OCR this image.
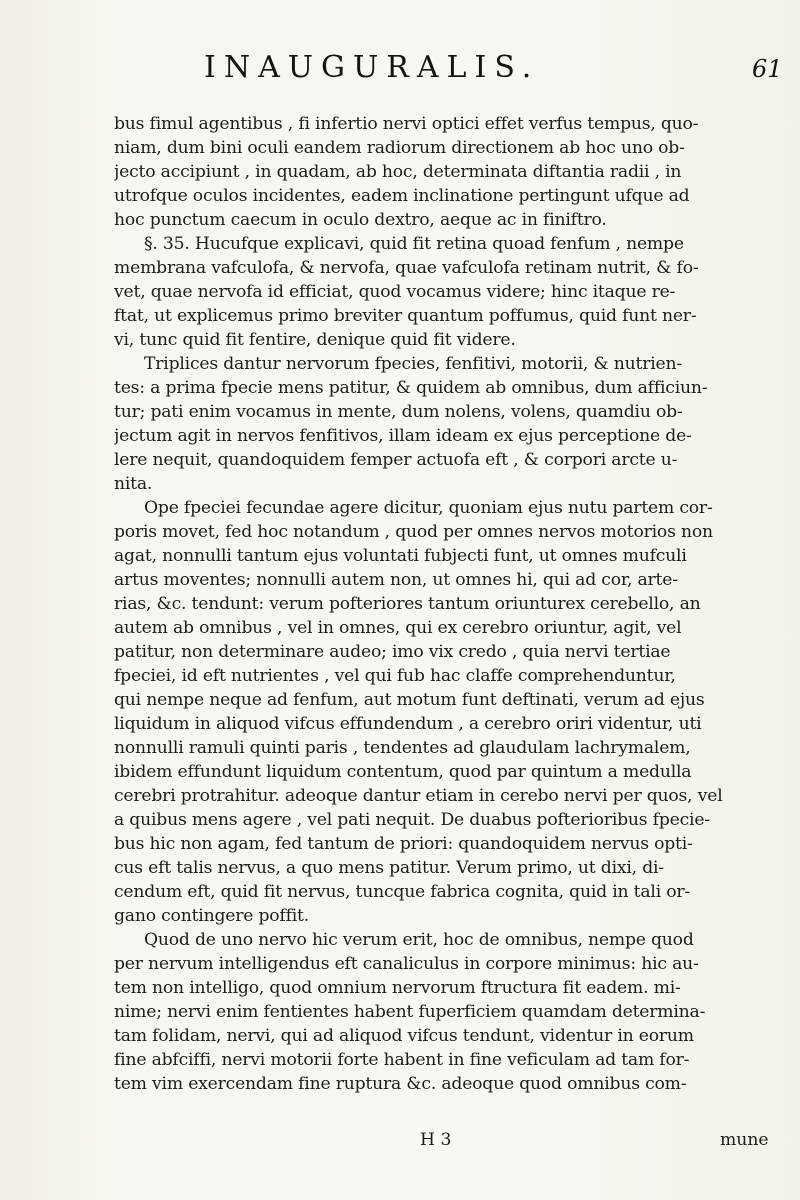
INAUGURALIS.	61
bus fimul agentibus , fi infertio nervi optici effet verfus tempus, quo-
niam, dum bini oculi eandem radiorum directionem ab hoc uno ob-
jecto accipiunt , in quadam, ab hoc, determinata diftantia radii , in
utrofque oculos incidentes, eadem inclinatione pertingunt ufque ad
hoc punctum caecum in oculo dextro, aeque ac in finiftro.
§. 35. Hucufque explicavi, quid fit retina quoad fenfum , nempe
membrana vafculofa, & nervofa, quae vafculofa retinam nutrit, & fo-
vet, quae nervofa id efficiat, quod vocamus videre; hinc itaque re-
ftat, ut explicemus primo breviter quantum poffumus, quid funt ner-
vi, tunc quid fit fentire, denique quid fit videre.
Triplices dantur nervorum fpecies, fenfitivi, motorii, & nutrien-
tes: a prima fpecie mens patitur, & quidem ab omnibus, dum afficiun-
tur; pati enim vocamus in mente, dum nolens, volens, quamdiu ob-
jectum agit in nervos fenfitivos, illam ideam ex ejus perceptione de-
lere nequit, quandoquidem femper actuofa eft , & corpori arcte u-
nita.
Ope fpeciei fecundae agere dicitur, quoniam ejus nutu partem cor-
poris movet, fed hoc notandum , quod per omnes nervos motorios non
agat, nonnulli tantum ejus voluntati fubjecti funt, ut omnes mufculi
artus moventes; nonnulli autem non, ut omnes hi, qui ad cor, arte-
rias, &c. tendunt: verum pofteriores tantum oriunturex cerebello, an
autem ab omnibus , vel in omnes, qui ex cerebro oriuntur, agit, vel
patitur, non determinare audeo; imo vix credo , quia nervi tertiae
fpeciei, id eft nutrientes , vel qui fub hac claffe comprehenduntur,
qui nempe neque ad fenfum, aut motum funt deftinati, verum ad ejus
liquidum in aliquod vifcus effundendum , a cerebro oriri videntur, uti
nonnulli ramuli quinti paris , tendentes ad glaudulam lachrymalem,
ibidem effundunt liquidum contentum, quod par quintum a medulla
cerebri protrahitur. adeoque dantur etiam in cerebo nervi per quos, vel
a quibus mens agere , vel pati nequit. De duabus pofterioribus fpecie-
bus hic non agam, fed tantum de priori: quandoquidem nervus opti-
cus eft talis nervus, a quo mens patitur. Verum primo, ut dixi, di-
cendum eft, quid fit nervus, tuncque fabrica cognita, quid in tali or-
gano contingere poffit.
Quod de uno nervo hic verum erit, hoc de omnibus, nempe quod
per nervum intelligendus eft canaliculus in corpore minimus: hic au-
tem non intelligo, quod omnium nervorum ftructura fit eadem. mi-
nime; nervi enim fentientes habent fuperficiem quamdam determina-
tam folidam, nervi, qui ad aliquod vifcus tendunt, videntur in eorum
fine abfciffi, nervi motorii forte habent in fine veficulam ad tam for-
tem vim exercendam fine ruptura &c. adeoque quod omnibus com-
H 3	mune
